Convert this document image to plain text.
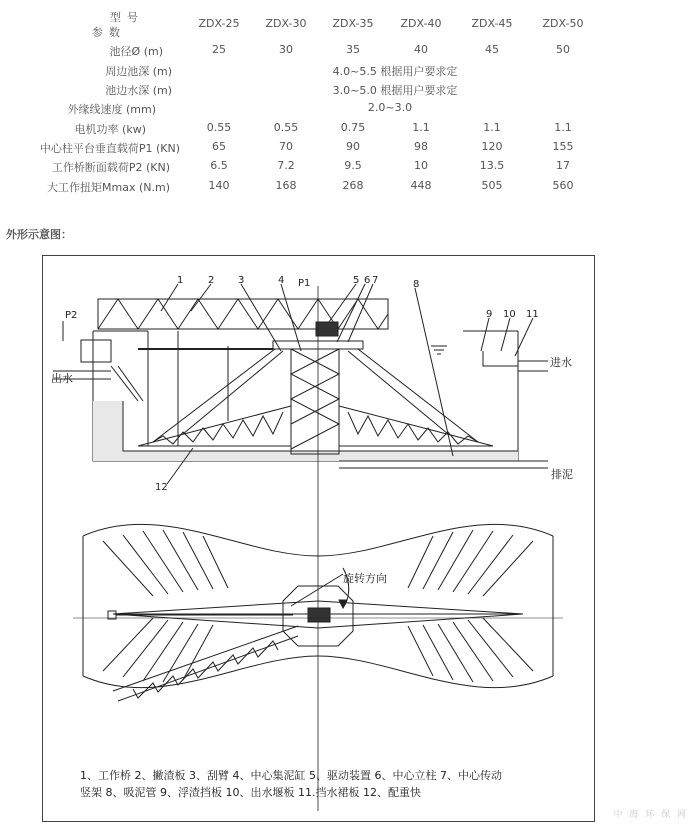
型号
参数
ZDX-25	ZDX-30	ZDX-35	ZDX-40	ZDX-45	ZDX-50
池径Ø (m)	25	30	35	40	45	50
周边池深 (m)	4.0~5.5 根据用户要求定
池边水深 (m)	3.0~5.0 根据用户要求定
外缘线速度 (mm)	2.0~3.0
电机功率 (kw)	0.55	0.55	0.75	1.1	1.1	1.1
中心柱平台垂直载荷P1 (KN)	65	70	90	98	120	155
工作桥断面载荷P2 (KN)	6.5	7.2	9.5	10	13.5	17
大工作扭矩Mmax (N.m)	140	168	268	448	505	560
外形示意图：
P2
P1
出水
进水
排泥
旋转方向
1 2 3	4	5 6 7	8
9 10 11
12
1、工作桥 2、撇渣板 3、刮臂 4、中心集泥缸 5、驱动装置 6、中心立柱 7、中心传动
竖架 8、吸泥管 9、浮渣挡板 10、出水堰板 11.挡水裙板 12、配重快
中 海 环 保 网
